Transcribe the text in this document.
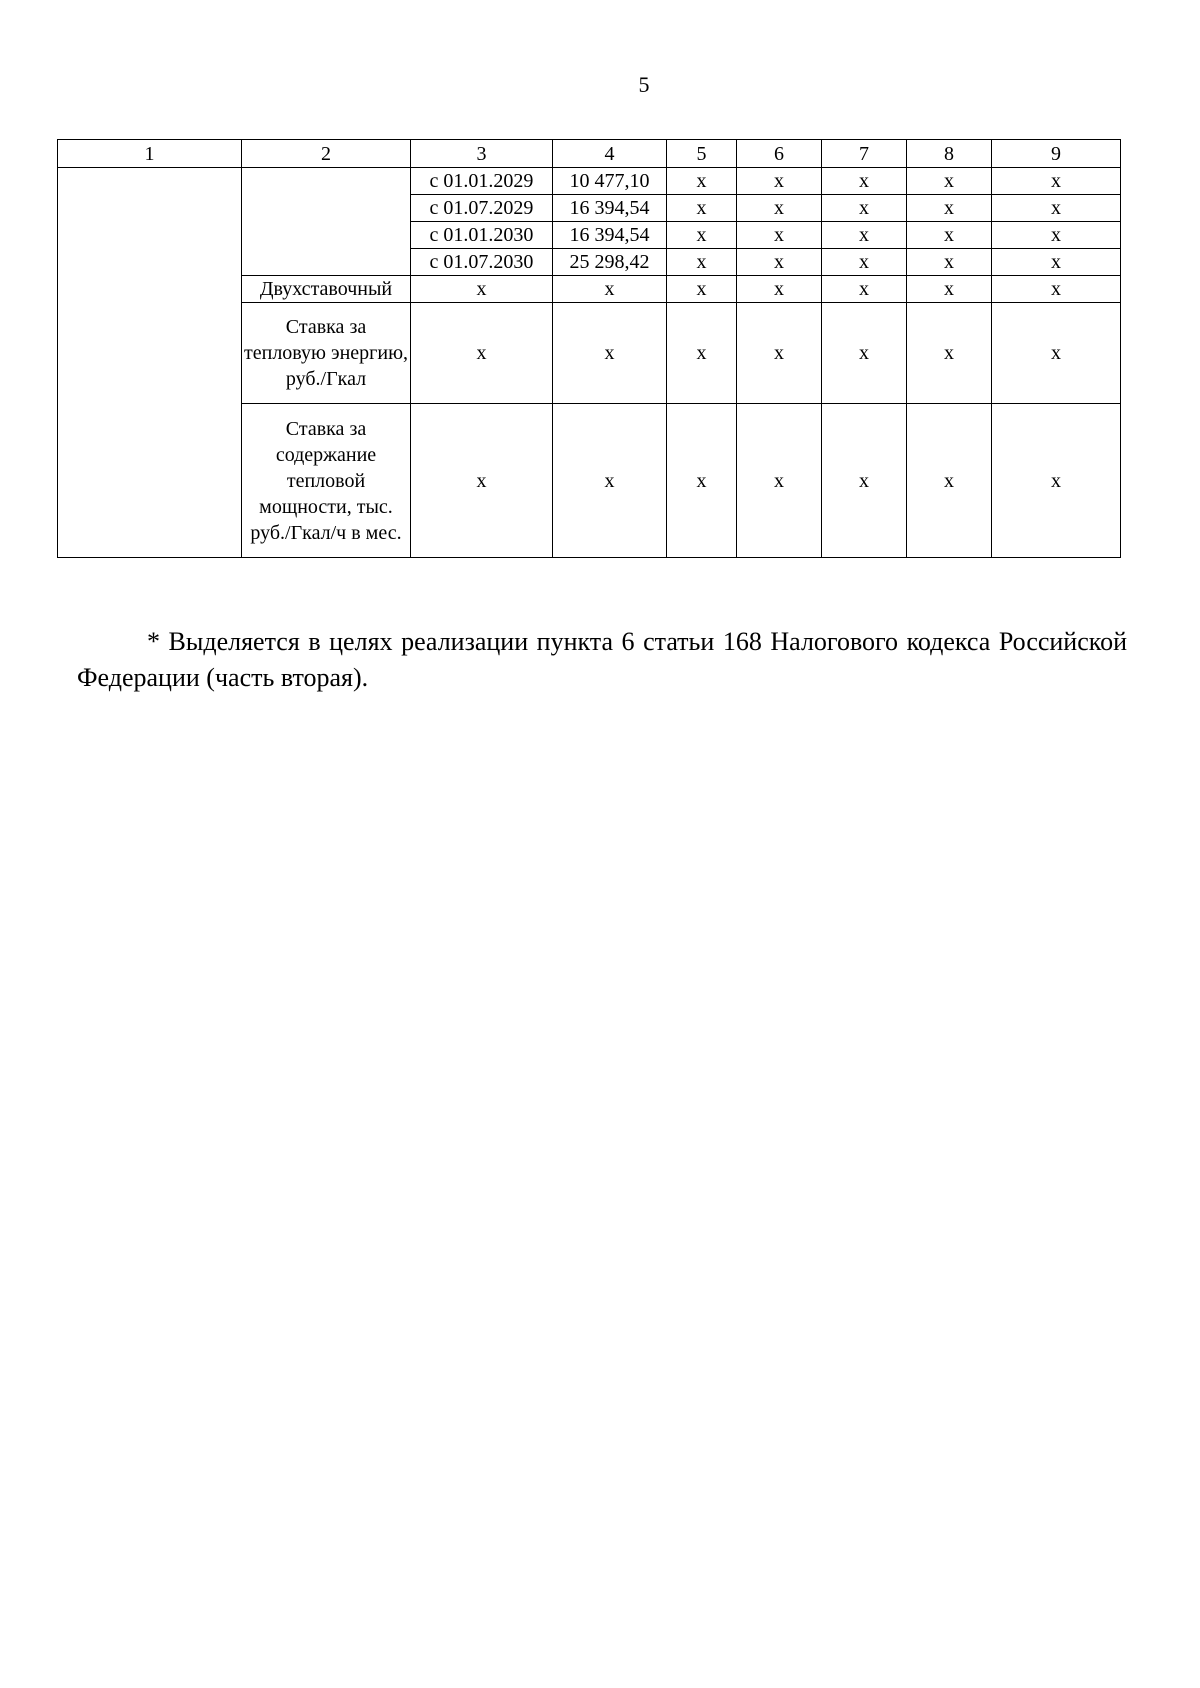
5
1	2	3	4	5	6	7	8	9
		с 01.01.2029	10 477,10	х	х	х	х	х
		с 01.07.2029	16 394,54	х	х	х	х	х
		с 01.01.2030	16 394,54	х	х	х	х	х
		с 01.07.2030	25 298,42	х	х	х	х	х
	Двухставочный	х	х	х	х	х	х	х
	Ставка за тепловую энергию, руб./Гкал	х	х	х	х	х	х	х
	Ставка за содержание тепловой мощности, тыс. руб./Гкал/ч в мес.	х	х	х	х	х	х	х

* Выделяется в целях реализации пункта 6 статьи 168 Налогового кодекса Российской Федерации (часть вторая).
